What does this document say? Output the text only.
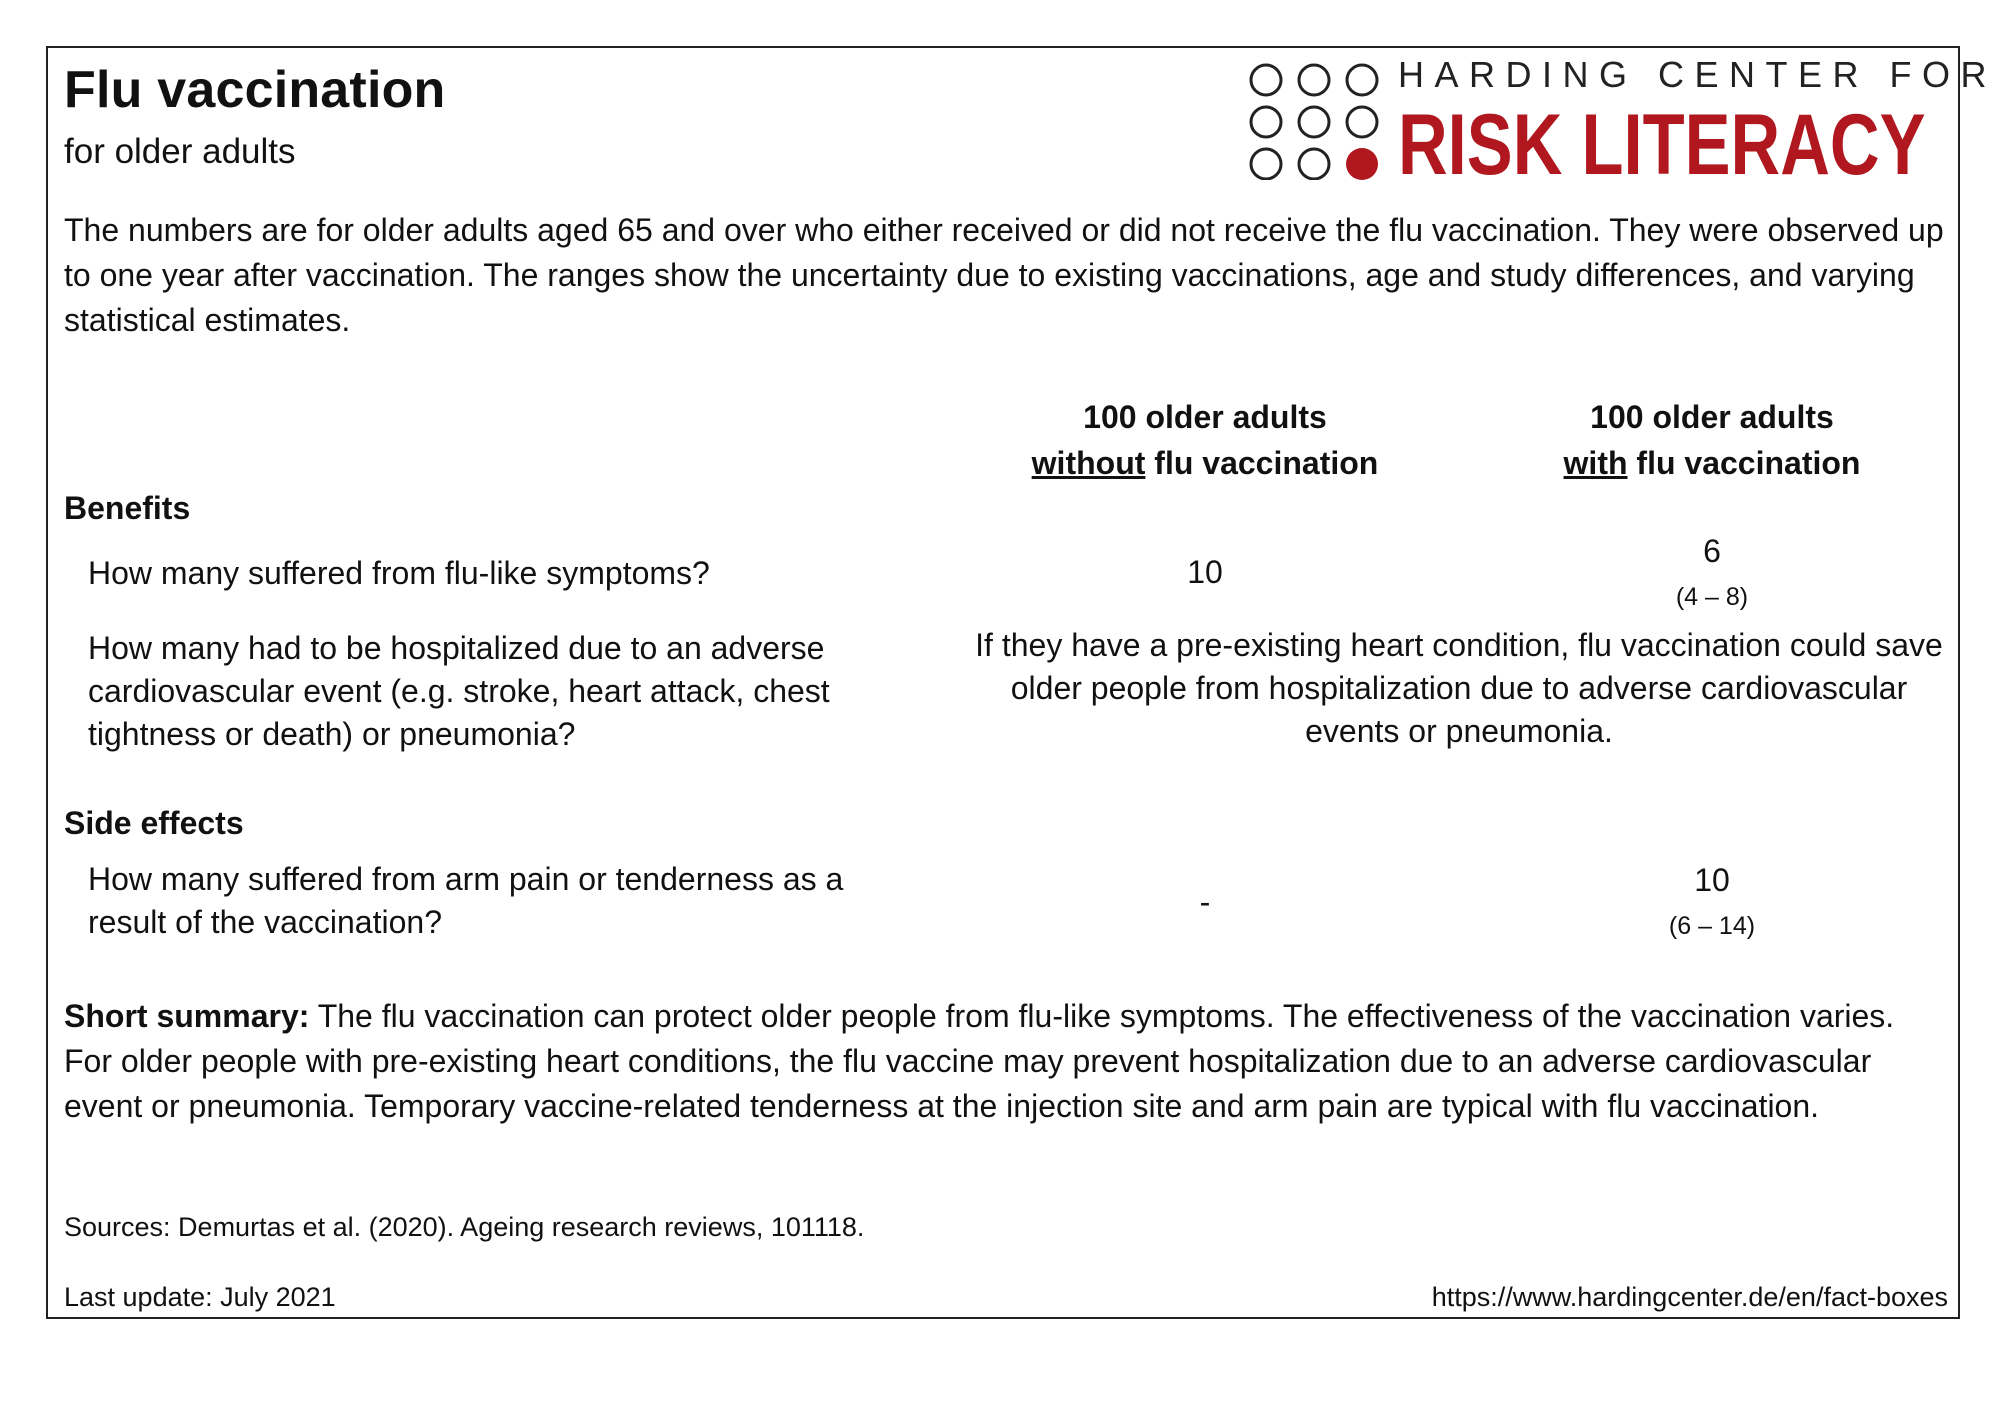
Flu vaccination
for older adults
HARDING CENTER FOR
RISK LITERACY
The numbers are for older adults aged 65 and over who either received or did not receive the flu vaccination. They were observed up to one year after vaccination. The ranges show the uncertainty due to existing vaccinations, age and study differences, and varying statistical estimates.
100 older adults
without flu vaccination
100 older adults
with flu vaccination
Benefits
How many suffered from flu-like symptoms?	10
6
(4 – 8)
How many had to be hospitalized due to an adverse cardiovascular event (e.g. stroke, heart attack, chest tightness or death) or pneumonia?
If they have a pre-existing heart condition, flu vaccination could save older people from hospitalization due to adverse cardiovascular events or pneumonia.
Side effects
How many suffered from arm pain or tenderness as a result of the vaccination?
-
10
(6 – 14)
Short summary: The flu vaccination can protect older people from flu-like symptoms. The effectiveness of the vaccination varies. For older people with pre-existing heart conditions, the flu vaccine may prevent hospitalization due to an adverse cardiovascular event or pneumonia. Temporary vaccine-related tenderness at the injection site and arm pain are typical with flu vaccination.
Sources: Demurtas et al. (2020). Ageing research reviews, 101118.
Last update: July 2021	https://www.hardingcenter.de/en/fact-boxes
